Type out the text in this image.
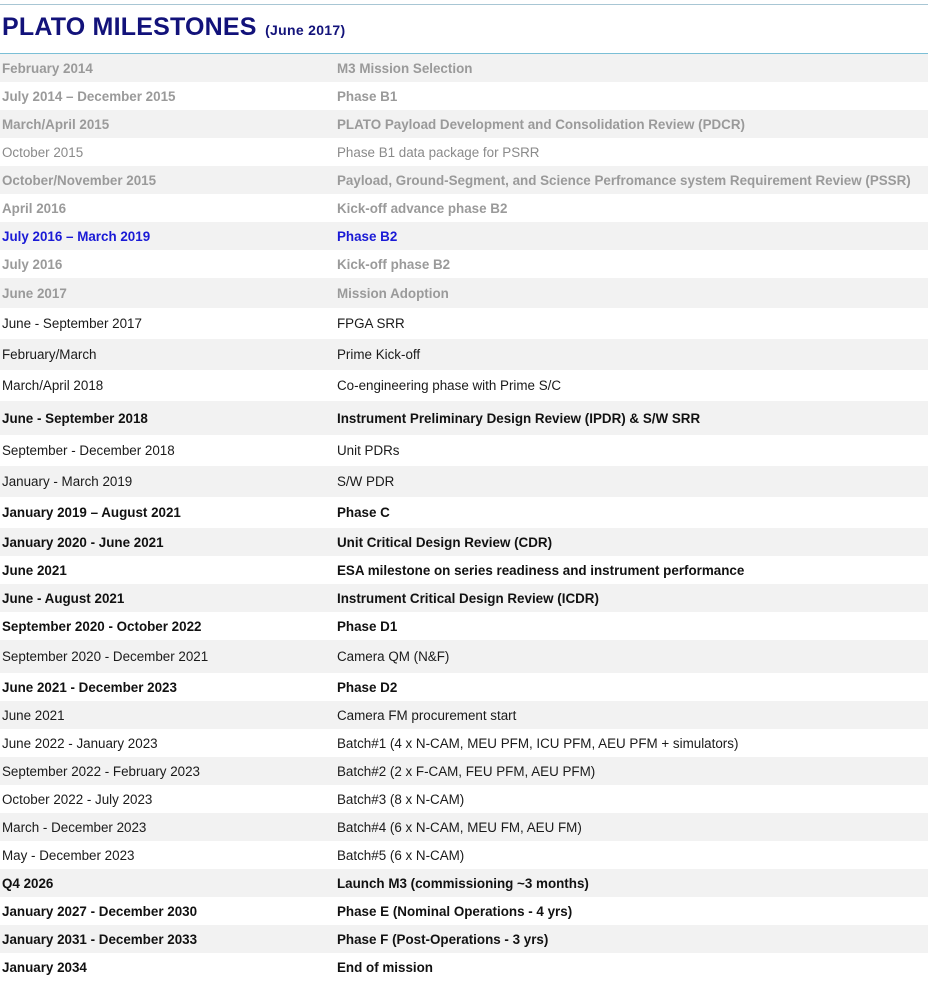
PLATO MILESTONES (June 2017)
February 2014	M3 Mission Selection
July 2014 – December 2015	Phase B1
March/April 2015	PLATO Payload Development and Consolidation Review (PDCR)
October 2015	Phase B1 data package for PSRR
October/November 2015	Payload, Ground-Segment, and Science Perfromance system Requirement Review (PSSR)
April 2016	Kick-off advance phase B2
July 2016 – March 2019	Phase B2
July 2016	Kick-off phase B2
June 2017	Mission Adoption
June - September 2017	FPGA SRR
February/March	Prime Kick-off
March/April 2018	Co-engineering phase with Prime S/C
June - September 2018	Instrument Preliminary Design Review (IPDR) & S/W SRR
September - December 2018	Unit PDRs
January - March 2019	S/W PDR
January 2019 – August 2021	Phase C
January 2020 - June 2021	Unit Critical Design Review (CDR)
June 2021	ESA milestone on series readiness and instrument performance
June - August 2021	Instrument Critical Design Review (ICDR)
September 2020 - October 2022	Phase D1
September 2020 - December 2021	Camera QM (N&F)
June 2021 - December 2023	Phase D2
June 2021	Camera FM procurement start
June 2022 - January 2023	Batch#1 (4 x N-CAM, MEU PFM, ICU PFM, AEU PFM + simulators)
September 2022 - February 2023	Batch#2 (2 x F-CAM, FEU PFM, AEU PFM)
October 2022 - July 2023	Batch#3 (8 x N-CAM)
March - December 2023	Batch#4 (6 x N-CAM, MEU FM, AEU FM)
May - December 2023	Batch#5 (6 x N-CAM)
Q4 2026	Launch M3 (commissioning ~3 months)
January 2027 - December 2030	Phase E (Nominal Operations - 4 yrs)
January 2031 - December 2033	Phase F (Post-Operations - 3 yrs)
January 2034	End of mission
